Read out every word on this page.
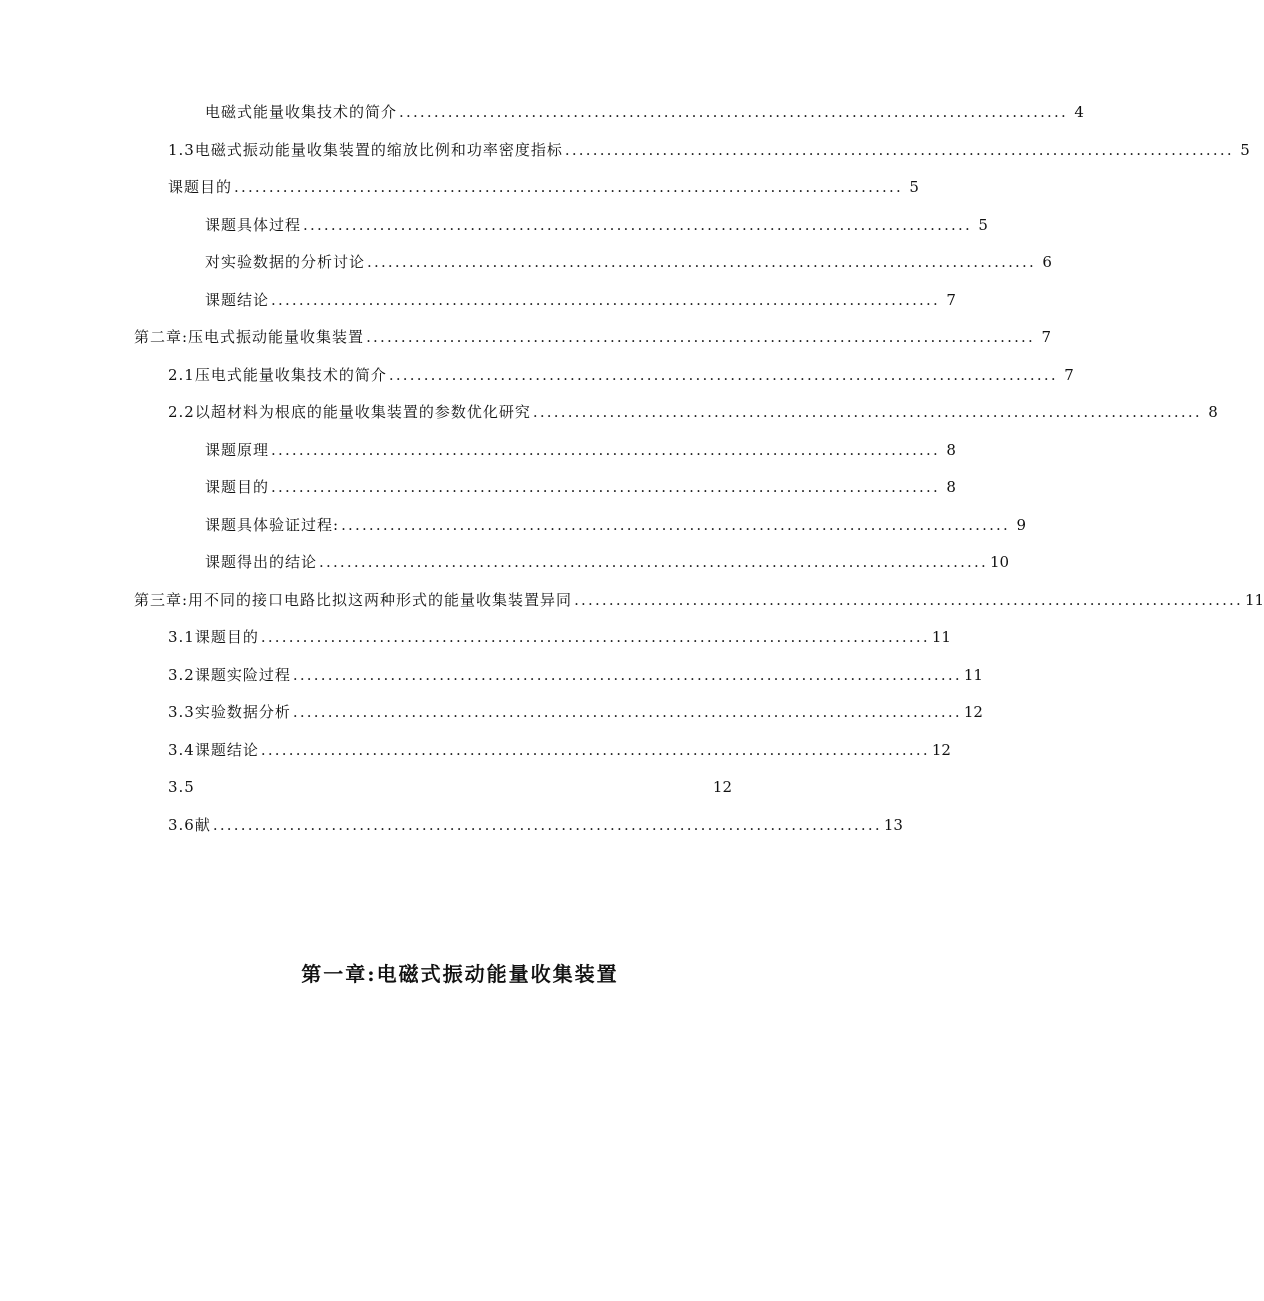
电磁式能量收集技术的简介 ................................................................................................ 4
1.3 电磁式振动能量收集装置的缩放比例和功率密度指标 ................................................................................................ 5
课题目的 ................................................................................................ 5
课题具体过程 ................................................................................................ 5
对实验数据的分析讨论 ................................................................................................ 6
课题结论 ................................................................................................ 7
第二章:压电式振动能量收集装置 ................................................................................................ 7
2.1 压电式能量收集技术的简介 ................................................................................................ 7
2.2 以超材料为根底的能量收集装置的参数优化研究 ................................................................................................ 8
课题原理 ................................................................................................ 8
课题目的 ................................................................................................ 8
课题具体验证过程: ................................................................................................ 9
课题得出的结论 ................................................................................................ 10
第三章:用不同的接口电路比拟这两种形式的能量收集装置异同 ................................................................................................ 11
3.1 课题目的 ................................................................................................ 11
3.2 课题实险过程 ................................................................................................ 11
3.3 实验数据分析 ................................................................................................ 12
3.4 课题结论 ................................................................................................ 12
3.5	12
3.6 献 ................................................................................................ 13
第一章:电磁式振动能量收集装置
